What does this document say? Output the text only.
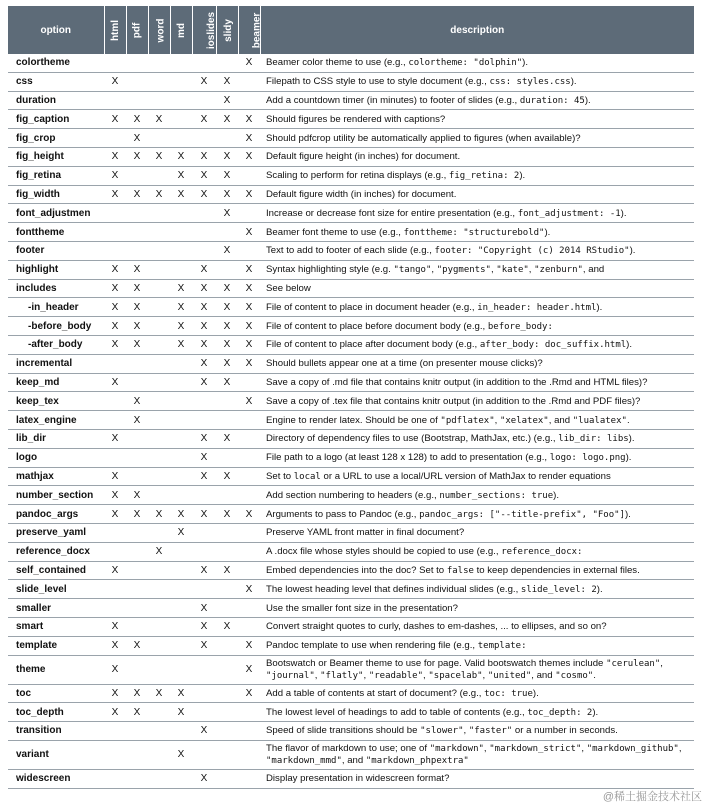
option	html	pdf	word	md	ioslides	slidy	beamer	description
colortheme							X	Beamer color theme to use (e.g., colortheme: "dolphin").
css	X				X	X		Filepath to CSS style to use to style document (e.g., css: styles.css).
duration						X		Add a countdown timer (in minutes) to footer of slides (e.g., duration: 45).
fig_caption	X	X	X		X	X	X	Should figures be rendered with captions?
fig_crop		X					X	Should pdfcrop utility be automatically applied to figures (when available)?
fig_height	X	X	X	X	X	X	X	Default figure height (in inches) for document.
fig_retina	X			X	X	X		Scaling to perform for retina displays (e.g., fig_retina: 2).
fig_width	X	X	X	X	X	X	X	Default figure width (in inches) for document.
font_adjustmen						X		Increase or decrease font size for entire presentation (e.g., font_adjustment: -1).
fonttheme							X	Beamer font theme to use (e.g., fonttheme: "structurebold").
footer						X		Text to add to footer of each slide (e.g., footer: "Copyright (c) 2014 RStudio").
highlight	X	X			X		X	Syntax highlighting style (e.g. "tango", "pygments", "kate", "zenburn", and
includes	X	X		X	X	X	X	See below
-in_header	X	X		X	X	X	X	File of content to place in document header (e.g., in_header: header.html).
-before_body	X	X		X	X	X	X	File of content to place before document body (e.g., before_body:
-after_body	X	X		X	X	X	X	File of content to place after document body (e.g., after_body: doc_suffix.html).
incremental					X	X	X	Should bullets appear one at a time (on presenter mouse clicks)?
keep_md	X				X	X		Save a copy of .md file that contains knitr output (in addition to the .Rmd and HTML files)?
keep_tex		X					X	Save a copy of .tex file that contains knitr output (in addition to the .Rmd and PDF files)?
latex_engine		X						Engine to render latex. Should be one of "pdflatex", "xelatex", and "lualatex".
lib_dir	X				X	X		Directory of dependency files to use (Bootstrap, MathJax, etc.) (e.g., lib_dir: libs).
logo					X			File path to a logo (at least 128 x 128) to add to presentation (e.g., logo: logo.png).
mathjax	X				X	X		Set to local or a URL to use a local/URL version of MathJax to render equations
number_section	X	X						Add section numbering to headers (e.g., number_sections: true).
pandoc_args	X	X	X	X	X	X	X	Arguments to pass to Pandoc (e.g., pandoc_args: ["--title-prefix", "Foo"]).
preserve_yaml				X				Preserve YAML front matter in final document?
reference_docx			X					A .docx file whose styles should be copied to use (e.g., reference_docx:
self_contained	X				X	X		Embed dependencies into the doc? Set to false to keep dependencies in external files.
slide_level							X	The lowest heading level that defines individual slides (e.g., slide_level: 2).
smaller					X			Use the smaller font size in the presentation?
smart	X				X	X		Convert straight quotes to curly, dashes to em-dashes, ... to ellipses, and so on?
template	X	X			X		X	Pandoc template to use when rendering file (e.g., template:
theme	X						X	Bootswatch or Beamer theme to use for page. Valid bootswatch themes include "cerulean", "journal", "flatly", "readable", "spacelab", "united", and "cosmo".
toc	X	X	X	X			X	Add a table of contents at start of document? (e.g., toc: true).
toc_depth	X	X		X				The lowest level of headings to add to table of contents (e.g., toc_depth: 2).
transition					X			Speed of slide transitions should be "slower", "faster" or a number in seconds.
variant				X				The flavor of markdown to use; one of "markdown", "markdown_strict", "markdown_github", "markdown_mmd", and "markdown_phpextra"
widescreen					X			Display presentation in widescreen format?
@稀土掘金技术社区
